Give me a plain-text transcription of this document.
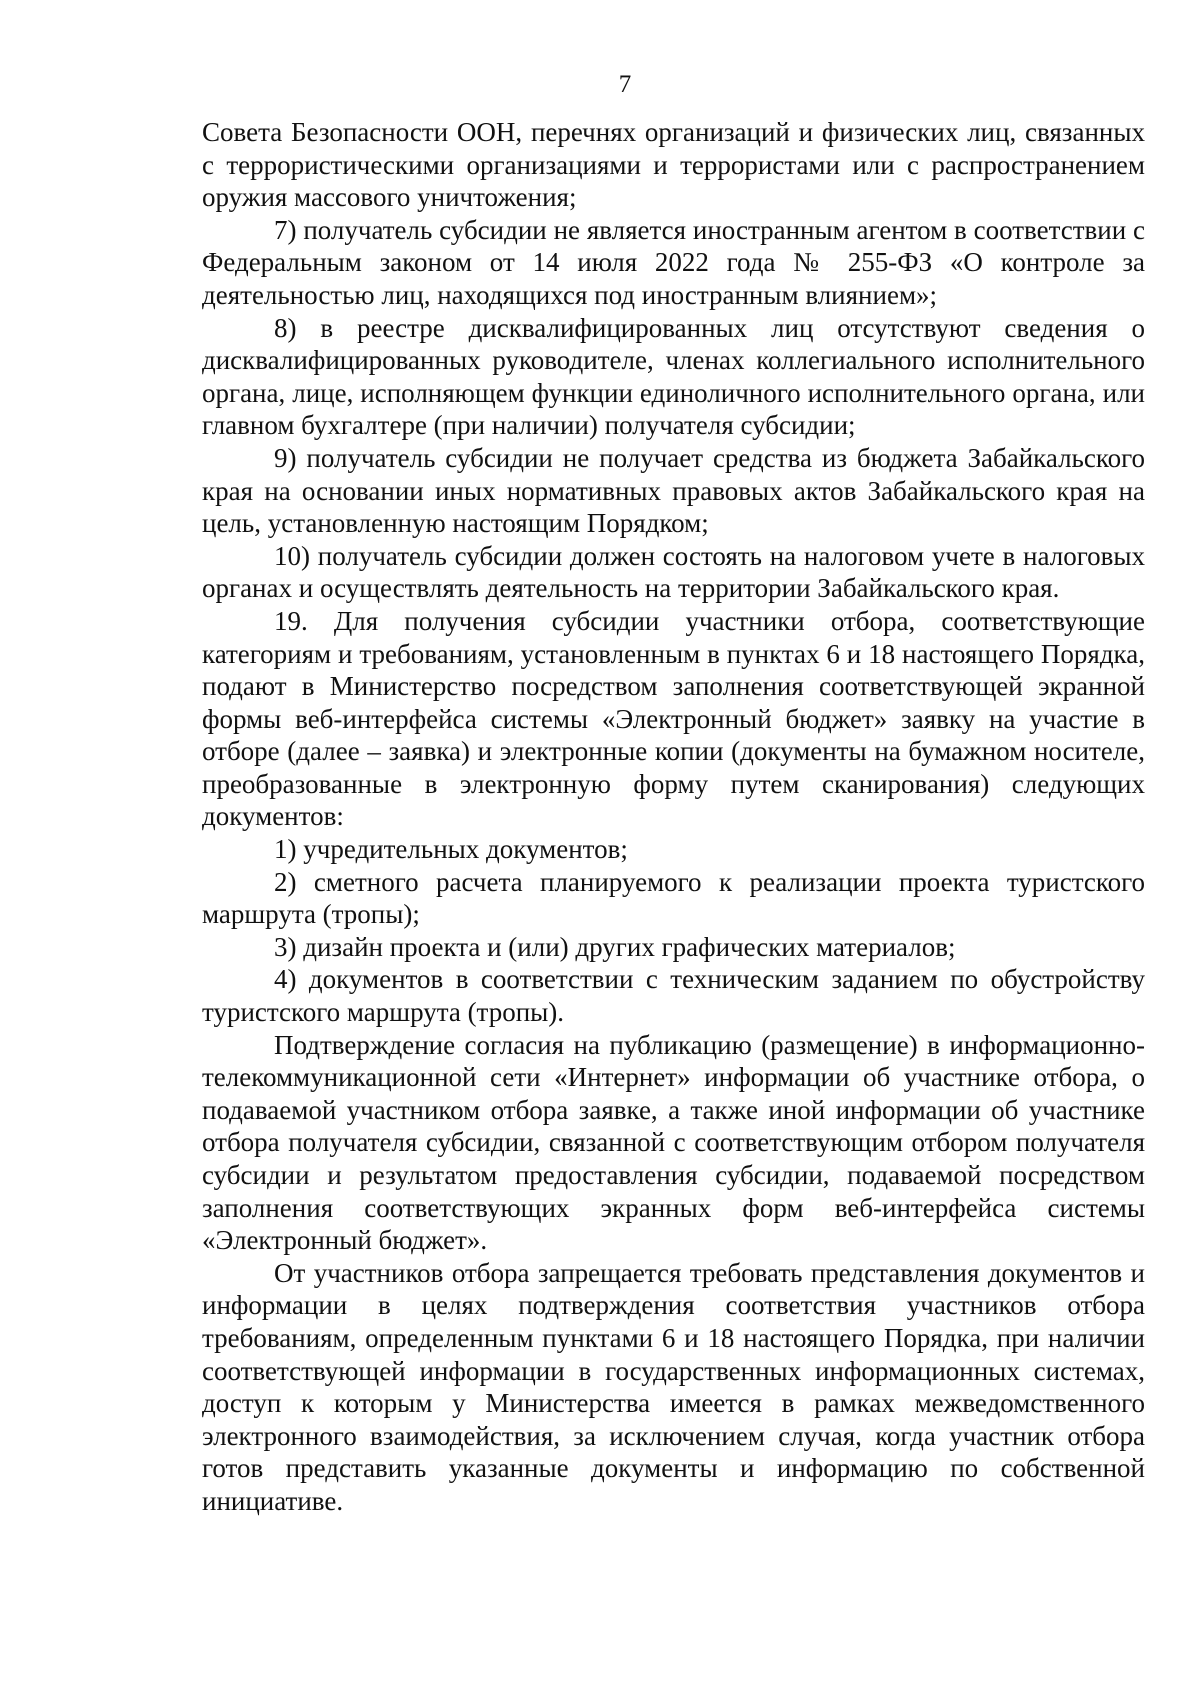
7

Совета Безопасности ООН, перечнях организаций и физических лиц, связанных с террористическими организациями и террористами или с распространением оружия массового уничтожения;

7) получатель субсидии не является иностранным агентом в соответствии с Федеральным законом от 14 июля 2022 года № 255-ФЗ «О контроле за деятельностью лиц, находящихся под иностранным влиянием»;

8) в реестре дисквалифицированных лиц отсутствуют сведения о дисквалифицированных руководителе, членах коллегиального исполнительного органа, лице, исполняющем функции единоличного исполнительного органа, или главном бухгалтере (при наличии) получателя субсидии;

9) получатель субсидии не получает средства из бюджета Забайкальского края на основании иных нормативных правовых актов Забайкальского края на цель, установленную настоящим Порядком;

10) получатель субсидии должен состоять на налоговом учете в налоговых органах и осуществлять деятельность на территории Забайкальского края.

19. Для получения субсидии участники отбора, соответствующие категориям и требованиям, установленным в пунктах 6 и 18 настоящего Порядка, подают в Министерство посредством заполнения соответствующей экранной формы веб-интерфейса системы «Электронный бюджет» заявку на участие в отборе (далее – заявка) и электронные копии (документы на бумажном носителе, преобразованные в электронную форму путем сканирования) следующих документов:

1) учредительных документов;

2) сметного расчета планируемого к реализации проекта туристского маршрута (тропы);

3) дизайн проекта и (или) других графических материалов;

4) документов в соответствии с техническим заданием по обустройству туристского маршрута (тропы).

Подтверждение согласия на публикацию (размещение) в информационно-телекоммуникационной сети «Интернет» информации об участнике отбора, о подаваемой участником отбора заявке, а также иной информации об участнике отбора получателя субсидии, связанной с соответствующим отбором получателя субсидии и результатом предоставления субсидии, подаваемой посредством заполнения соответствующих экранных форм веб-интерфейса системы «Электронный бюджет».

От участников отбора запрещается требовать представления документов и информации в целях подтверждения соответствия участников отбора требованиям, определенным пунктами 6 и 18 настоящего Порядка, при наличии соответствующей информации в государственных информационных системах, доступ к которым у Министерства имеется в рамках межведомственного электронного взаимодействия, за исключением случая, когда участник отбора готов представить указанные документы и информацию по собственной инициативе.
